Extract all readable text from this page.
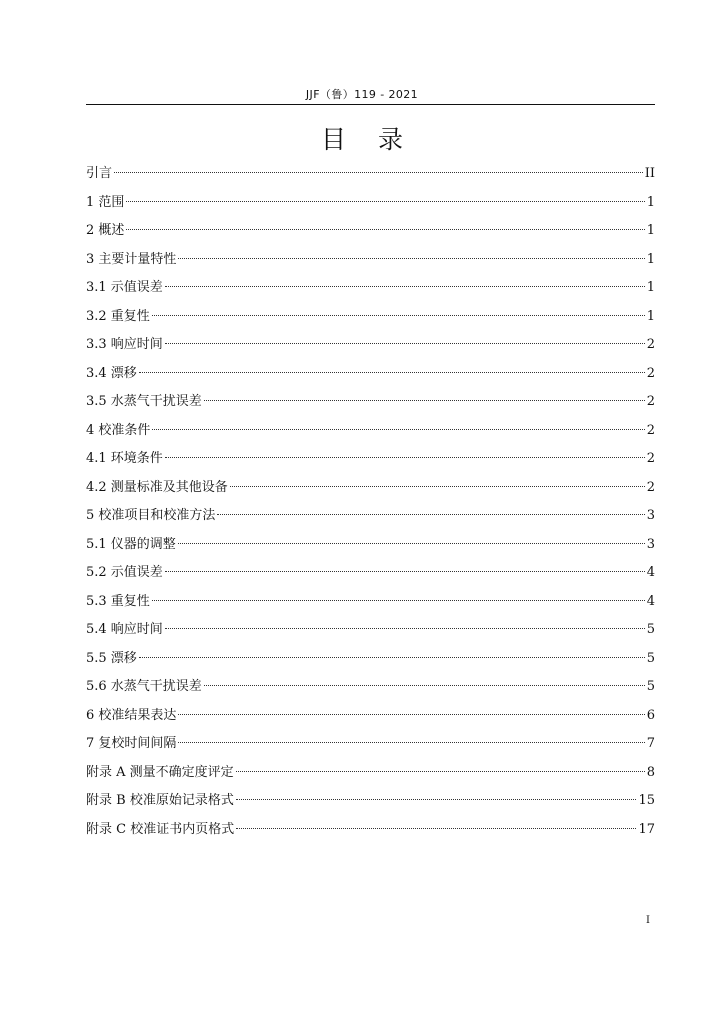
JJF（鲁）119 - 2021
目 录
引言	II
1 范围	1
2 概述	1
3 主要计量特性	1
3.1 示值误差	1
3.2 重复性	1
3.3 响应时间	2
3.4 漂移	2
3.5 水蒸气干扰误差	2
4 校准条件	2
4.1 环境条件	2
4.2 测量标准及其他设备	2
5 校准项目和校准方法	3
5.1 仪器的调整	3
5.2 示值误差	4
5.3 重复性	4
5.4 响应时间	5
5.5 漂移	5
5.6 水蒸气干扰误差	5
6 校准结果表达	6
7 复校时间间隔	7
附录 A 测量不确定度评定	8
附录 B 校准原始记录格式	15
附录 C 校准证书内页格式	17
I
